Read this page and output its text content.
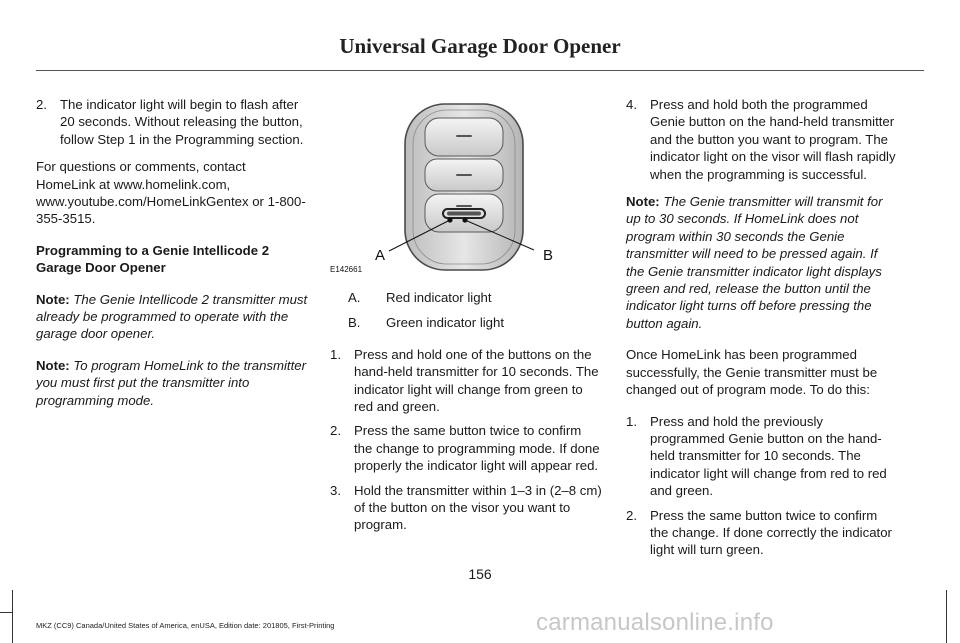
Universal Garage Door Opener
2. The indicator light will begin to flash after 20 seconds. Without releasing the button, follow Step 1 in the Programming section.

For questions or comments, contact HomeLink at www.homelink.com, www.youtube.com/HomeLinkGentex or 1-800-355-3515.

Programming to a Genie Intellicode 2 Garage Door Opener

Note: The Genie Intellicode 2 transmitter must already be programmed to operate with the garage door opener.

Note: To program HomeLink to the transmitter you must first put the transmitter into programming mode.

A	B
E142661
A.	Red indicator light
B.	Green indicator light
1. Press and hold one of the buttons on the hand-held transmitter for 10 seconds. The indicator light will change from green to red and green.
2. Press the same button twice to confirm the change to programming mode. If done properly the indicator light will appear red.
3. Hold the transmitter within 1–3 in (2–8 cm) of the button on the visor you want to program.
4. Press and hold both the programmed Genie button on the hand-held transmitter and the button you want to program. The indicator light on the visor will flash rapidly when the programming is successful.

Note: The Genie transmitter will transmit for up to 30 seconds. If HomeLink does not program within 30 seconds the Genie transmitter will need to be pressed again. If the Genie transmitter indicator light displays green and red, release the button until the indicator light turns off before pressing the button again.

Once HomeLink has been programmed successfully, the Genie transmitter must be changed out of program mode. To do this:

1. Press and hold the previously programmed Genie button on the hand-held transmitter for 10 seconds. The indicator light will change from red to red and green.
2. Press the same button twice to confirm the change. If done correctly the indicator light will turn green.
156
MKZ (CC9) Canada/United States of America, enUSA, Edition date: 201805, First-Printing	carmanualsonline.info
